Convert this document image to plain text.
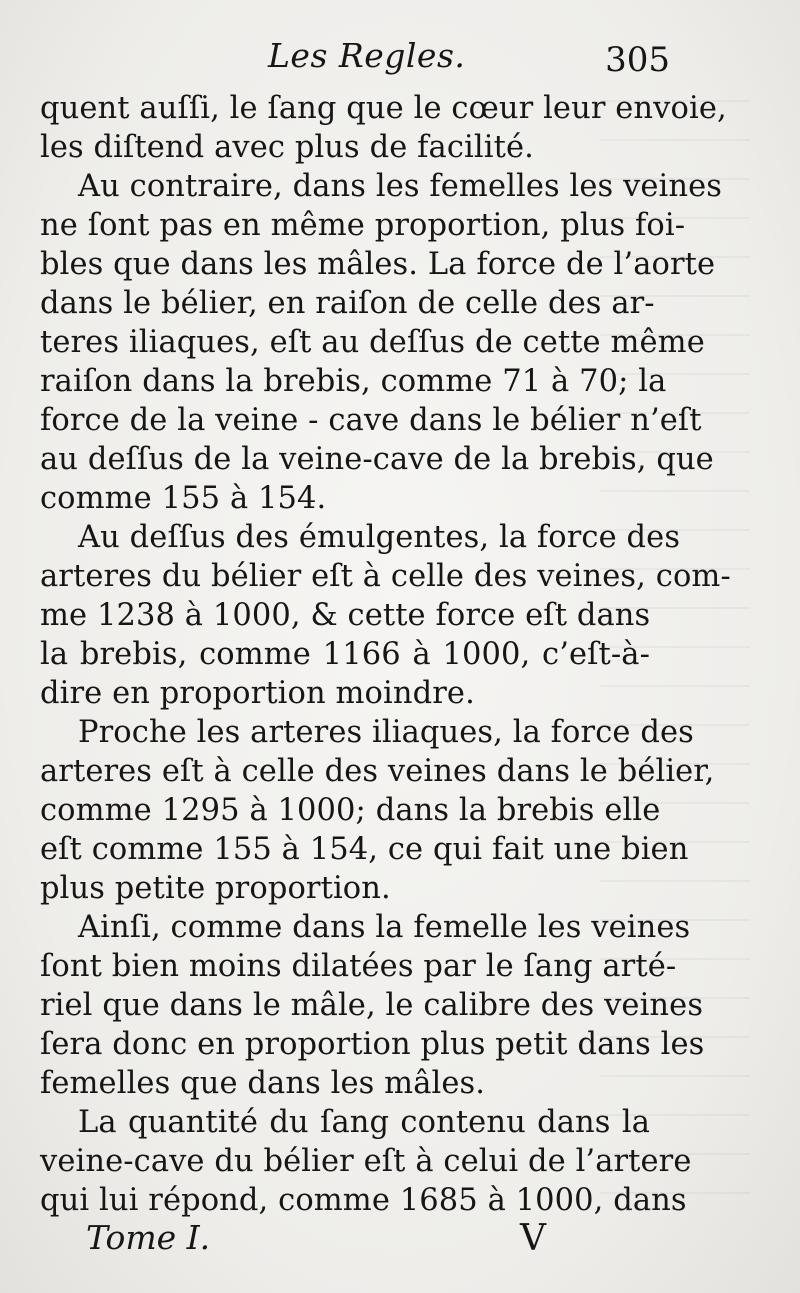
Les Regles.	305
quent auſſi, le ſang que le cœur leur envoie,
les diſtend avec plus de facilité.
Au contraire, dans les femelles les veines
ne ſont pas en même proportion, plus foi-
bles que dans les mâles. La force de l’aorte
dans le bélier, en raiſon de celle des ar-
teres iliaques, eſt au deſſus de cette même
raiſon dans la brebis, comme 71 à 70; la
force de la veine - cave dans le bélier n’eſt
au deſſus de la veine-cave de la brebis, que
comme 155 à 154.
Au deſſus des émulgentes, la force des
arteres du bélier eſt à celle des veines, com-
me 1238 à 1000, & cette force eſt dans
la brebis, comme 1166 à 1000, c’eſt-à-
dire en proportion moindre.
Proche les arteres iliaques, la force des
arteres eſt à celle des veines dans le bélier,
comme 1295 à 1000; dans la brebis elle
eſt comme 155 à 154, ce qui fait une bien
plus petite proportion.
Ainſi, comme dans la femelle les veines
ſont bien moins dilatées par le ſang arté-
riel que dans le mâle, le calibre des veines
ſera donc en proportion plus petit dans les
femelles que dans les mâles.
La quantité du ſang contenu dans la
veine-cave du bélier eſt à celui de l’artere
qui lui répond, comme 1685 à 1000, dans
Tome I.	V
